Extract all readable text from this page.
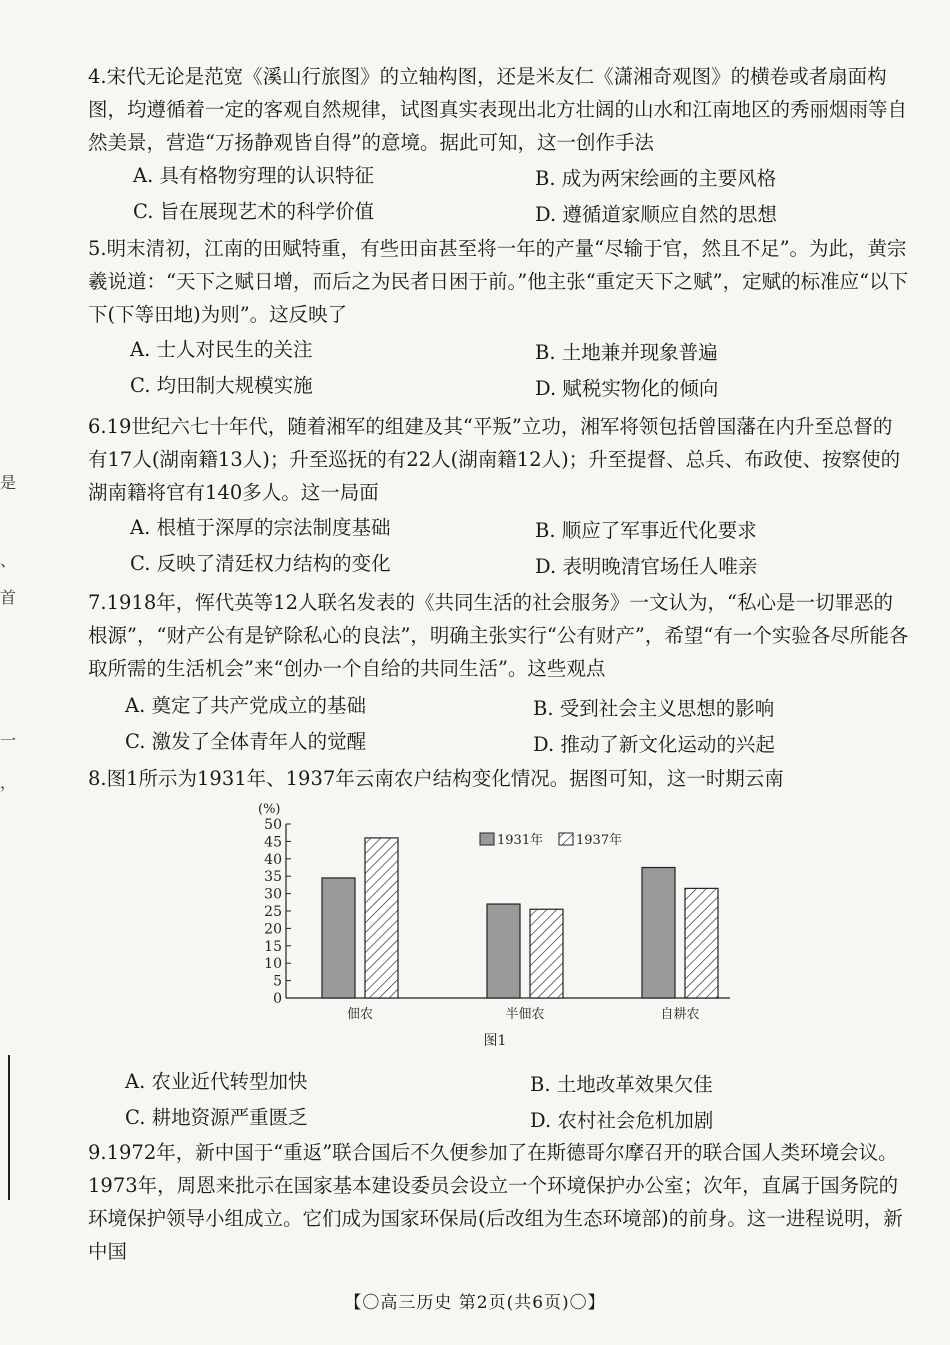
是
、
首
一
，
4.宋代无论是范宽《溪山行旅图》的立轴构图，还是米友仁《潇湘奇观图》的横卷或者扇面构图，均遵循着一定的客观自然规律，试图真实表现出北方壮阔的山水和江南地区的秀丽烟雨等自然美景，营造“万扬静观皆自得”的意境。据此可知，这一创作手法
A. 具有格物穷理的认识特征	B. 成为两宋绘画的主要风格
C. 旨在展现艺术的科学价值	D. 遵循道家顺应自然的思想
5.明末清初，江南的田赋特重，有些田亩甚至将一年的产量“尽输于官，然且不足”。为此，黄宗羲说道：“天下之赋日增，而后之为民者日困于前。”他主张“重定天下之赋”，定赋的标准应“以下下(下等田地)为则”。这反映了
A. 士人对民生的关注	B. 土地兼并现象普遍
C. 均田制大规模实施	D. 赋税实物化的倾向
6.19世纪六七十年代，随着湘军的组建及其“平叛”立功，湘军将领包括曾国藩在内升至总督的有17人(湖南籍13人)；升至巡抚的有22人(湖南籍12人)；升至提督、总兵、布政使、按察使的湖南籍将官有140多人。这一局面
A. 根植于深厚的宗法制度基础	B. 顺应了军事近代化要求
C. 反映了清廷权力结构的变化	D. 表明晚清官场任人唯亲
7.1918年，恽代英等12人联名发表的《共同生活的社会服务》一文认为，“私心是一切罪恶的根源”，“财产公有是铲除私心的良法”，明确主张实行“公有财产”，希望“有一个实验各尽所能各取所需的生活机会”来“创办一个自给的共同生活”。这些观点
A. 奠定了共产党成立的基础	B. 受到社会主义思想的影响
C. 激发了全体青年人的觉醒	D. 推动了新文化运动的兴起
8.图1所示为1931年、1937年云南农户结构变化情况。据图可知，这一时期云南
0
5
10
15
20
25
30
35
40
45
50
(%)
佃农	半佃农	自耕农
1931年	1937年
图1
A. 农业近代转型加快	B. 土地改革效果欠佳
C. 耕地资源严重匮乏	D. 农村社会危机加剧
9.1972年，新中国于“重返”联合国后不久便参加了在斯德哥尔摩召开的联合国人类环境会议。1973年，周恩来批示在国家基本建设委员会设立一个环境保护办公室；次年，直属于国务院的环境保护领导小组成立。它们成为国家环保局(后改组为生态环境部)的前身。这一进程说明，新中国
【〇高三历史 第2页(共6页)〇】
